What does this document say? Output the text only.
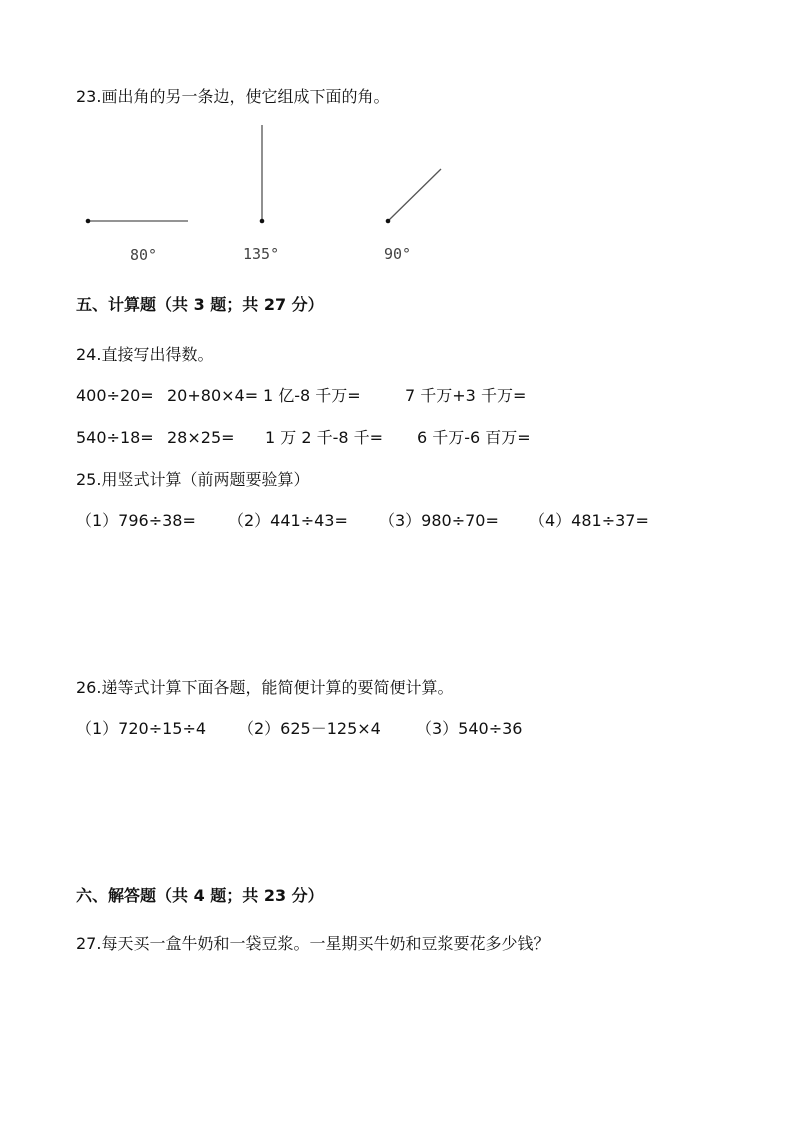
23.画出角的另一条边，使它组成下面的角。
80°	135°	90°
五、计算题（共 3 题；共 27 分）
24.直接写出得数。
400÷20= 20+80×4= 1 亿-8 千万=	7 千万+3 千万=
540÷18= 28×25= 1 万 2 千-8 千= 6 千万-6 百万=
25.用竖式计算（前两题要验算）
（1）796÷38= （2）441÷43= （3）980÷70= （4）481÷37=
26.递等式计算下面各题，能简便计算的要简便计算。
（1）720÷15÷4 （2）625－125×4 （3）540÷36
六、解答题（共 4 题；共 23 分）
27.每天买一盒牛奶和一袋豆浆。一星期买牛奶和豆浆要花多少钱？
